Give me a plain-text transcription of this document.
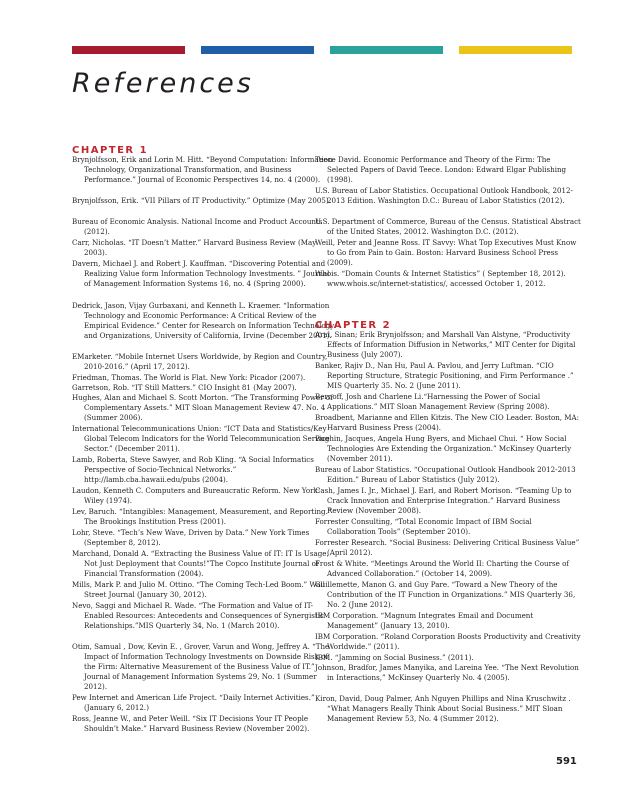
References
CHAPTER 1

Brynjolfsson, Erik and Lorin M. Hitt. “Beyond Computation: Information Technology, Organizational Transformation, and Business Performance.” Journal of Economic Perspectives 14, no. 4 (2000).

Brynjolfsson, Erik. “VII Pillars of IT Productivity.” Optimize (May 2005).

Bureau of Economic Analysis. National Income and Product Accounts (2012).

Carr, Nicholas. “IT Doesn’t Matter.” Harvard Business Review (May 2003).

Davern, Michael J. and Robert J. Kauffman. “Discovering Potential and Realizing Value form Information Technology Investments. ” Journal of Management Information Systems 16, no. 4 (Spring 2000).

Dedrick, Jason, Vijay Gurbaxani, and Kenneth L. Kraemer. “Information Technology and Economic Performance: A Critical Review of the Empirical Evidence.” Center for Research on Information Technology and Organizations, University of California, Irvine (December 2001).

EMarketer. “Mobile Internet Users Worldwide, by Region and Country, 2010-2016.” (April 17, 2012).

Friedman, Thomas. The World is Flat. New York: Picador (2007).

Garretson, Rob. “IT Still Matters.” CIO Insight 81 (May 2007).

Hughes, Alan and Michael S. Scott Morton. “The Transforming Power of Complementary Assets.” MIT Sloan Management Review 47. No. 4 (Summer 2006).

International Telecommunications Union: “ICT Data and Statistics/Key Global Telecom Indicators for the World Telecommunication Service Sector.” (December 2011).

Lamb, Roberta, Steve Sawyer, and Rob Kling. “A Social Informatics Perspective of Socio-Technical Networks.” http://lamb.cba.hawaii.edu/pubs (2004).

Laudon, Kenneth C. Computers and Bureaucratic Reform. New York: Wiley (1974).

Lev, Baruch. “Intangibles: Management, Measurement, and Reporting.” The Brookings Institution Press (2001).

Lohr, Steve. “Tech’s New Wave, Driven by Data.” New York Times (September 8, 2012).

Marchand, Donald A. “Extracting the Business Value of IT: IT Is Usage, Not Just Deployment that Counts!”The Copco Institute Journal of Financial Transformation (2004).

Mills, Mark P. and Julio M. Ottino. “The Coming Tech-Led Boom.” Wall Street Journal (January 30, 2012).

Nevo, Saggi and Michael R. Wade. “The Formation and Value of IT-Enabled Resources: Antecedents and Consequences of Synergistic Relationships.”MIS Quarterly 34, No. 1 (March 2010).

Otim, Samual , Dow, Kevin E. , Grover, Varun and Wong, Jeffrey A. “The Impact of Information Technology Investments on Downside Risk of the Firm: Alternative Measurement of the Business Value of IT.” Journal of Management Information Systems 29, No. 1 (Summer 2012).

Pew Internet and American Life Project. “Daily Internet Activities.” (January 6, 2012.)

Ross, Jeanne W., and Peter Weill. “Six IT Decisions Your IT People Shouldn’t Make.” Harvard Business Review (November 2002).

Teece David. Economic Performance and Theory of the Firm: The Selected Papers of David Teece. London: Edward Elgar Publishing (1998).

U.S. Bureau of Labor Statistics. Occupational Outlook Handbook, 2012-2013 Edition. Washington D.C.: Bureau of Labor Statistics (2012).

U.S. Department of Commerce, Bureau of the Census. Statistical Abstract of the United States, 20012. Washington D.C. (2012).

Weill, Peter and Jeanne Ross. IT Savvy: What Top Executives Must Know to Go from Pain to Gain. Boston: Harvard Business School Press (2009).

Whois. “Domain Counts & Internet Statistics” ( September 18, 2012). www.whois.sc/internet-statistics/, accessed October 1, 2012.

CHAPTER 2

Aral, Sinan; Erik Brynjolfsson; and Marshall Van Alstyne, “Productivity Effects of Information Diffusion in Networks,” MIT Center for Digital Business (July 2007).

Banker, Rajiv D., Nan Hu, Paul A. Pavlou, and Jerry Luftman. “CIO Reporting Structure, Strategic Positioning, and Firm Performance .” MIS Quarterly 35. No. 2 (June 2011).

Bernoff, Josh and Charlene Li.“Harnessing the Power of Social Applications.” MIT Sloan Management Review (Spring 2008).

Broadbent, Marianne and Ellen Kitzis. The New CIO Leader. Boston, MA: Harvard Business Press (2004).

Bughin, Jacques, Angela Hung Byers, and Michael Chui. “ How Social Technologies Are Extending the Organization.” McKinsey Quarterly (November 2011).

Bureau of Labor Statistics. “Occupational Outlook Handbook 2012-2013 Edition.” Bureau of Labor Statistics (July 2012).

Cash, James I. Jr., Michael J. Earl, and Robert Morison. “Teaming Up to Crack Innovation and Enterprise Integration.” Harvard Business Review (November 2008).

Forrester Consulting, “Total Economic Impact of IBM Social Collaboration Tools” (September 2010).

Forrester Research. “Social Business: Delivering Critical Business Value” (April 2012).

Frost & White. “Meetings Around the World II: Charting the Course of Advanced Collaboration.” (October 14, 2009).

Guillemette, Manon G. and Guy Pare. “Toward a New Theory of the Contribution of the IT Function in Organizations.” MIS Quarterly 36, No. 2 (June 2012).

IBM Corporation. “Magnum Integrates Email and Document Management” (January 13, 2010).

IBM Corporation. “Roland Corporation Boosts Productivity and Creativity Worldwide.” (2011).

IBM. “Jamming on Social Business.” (2011).

Johnson, Bradfor, James Manyika, and Lareina Yee. “The Next Revolution in Interactions,” McKinsey Quarterly No. 4 (2005).

Kiron, David, Doug Palmer, Anh Nguyen Phillips and Nina Kruschwitz . “What Managers Really Think About Social Business.” MIT Sloan Management Review 53, No. 4 (Summer 2012).

591
